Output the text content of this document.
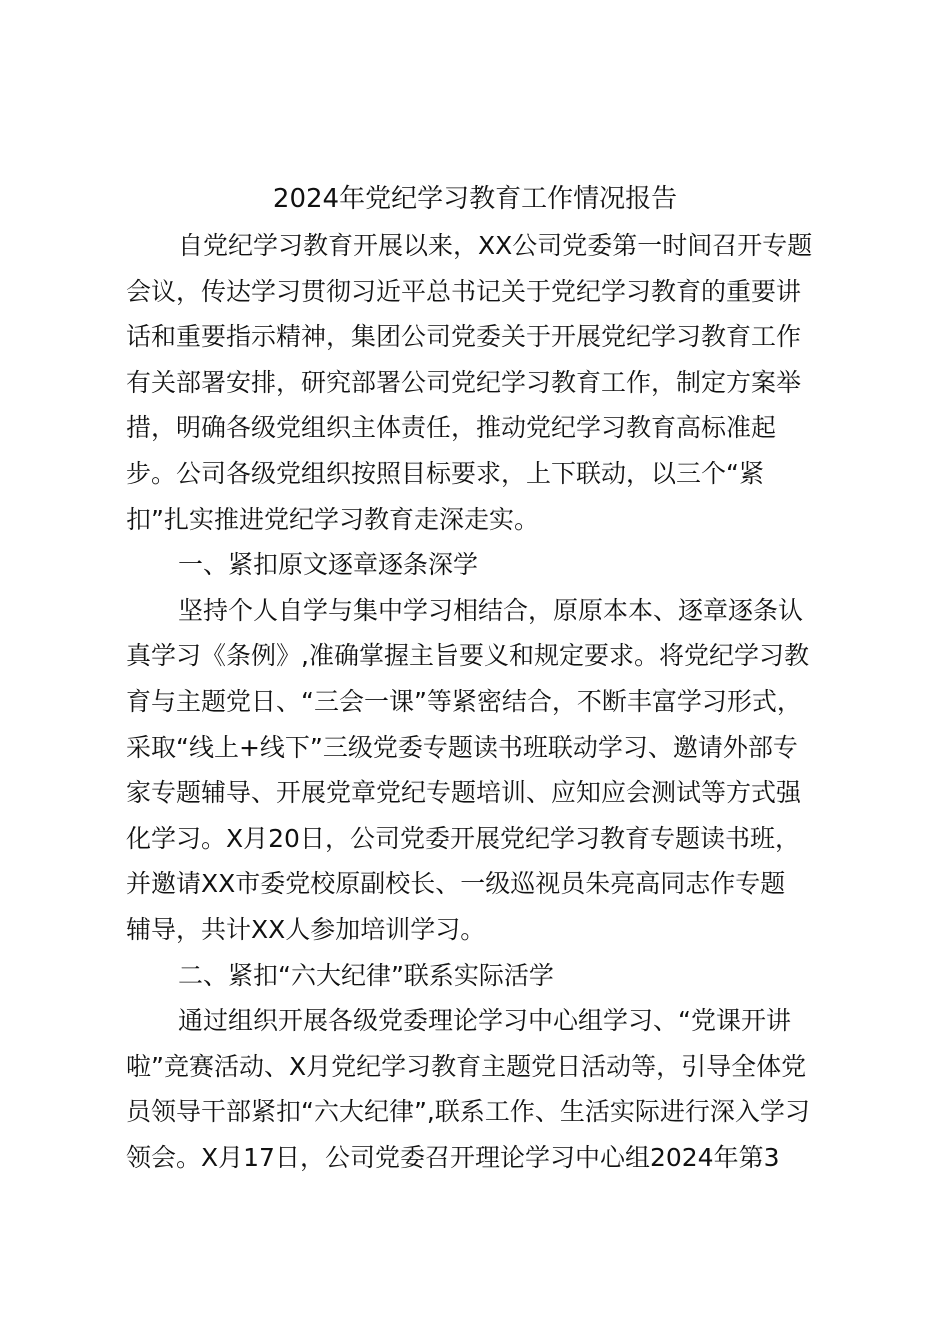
2024年党纪学习教育工作情况报告
自党纪学习教育开展以来，XX公司党委第一时间召开专题
会议，传达学习贯彻习近平总书记关于党纪学习教育的重要讲
话和重要指示精神，集团公司党委关于开展党纪学习教育工作
有关部署安排，研究部署公司党纪学习教育工作，制定方案举
措，明确各级党组织主体责任，推动党纪学习教育高标准起
步。公司各级党组织按照目标要求，上下联动，以三个“紧
扣”扎实推进党纪学习教育走深走实。
一、紧扣原文逐章逐条深学
坚持个人自学与集中学习相结合，原原本本、逐章逐条认
真学习《条例》,准确掌握主旨要义和规定要求。将党纪学习教
育与主题党日、“三会一课”等紧密结合，不断丰富学习形式，
采取“线上+线下”三级党委专题读书班联动学习、邀请外部专
家专题辅导、开展党章党纪专题培训、应知应会测试等方式强
化学习。X月20日，公司党委开展党纪学习教育专题读书班，
并邀请XX市委党校原副校长、一级巡视员朱亮高同志作专题
辅导，共计XX人参加培训学习。
二、紧扣“六大纪律”联系实际活学
通过组织开展各级党委理论学习中心组学习、“党课开讲
啦”竞赛活动、X月党纪学习教育主题党日活动等，引导全体党
员领导干部紧扣“六大纪律”,联系工作、生活实际进行深入学习
领会。X月17日，公司党委召开理论学习中心组2024年第3
